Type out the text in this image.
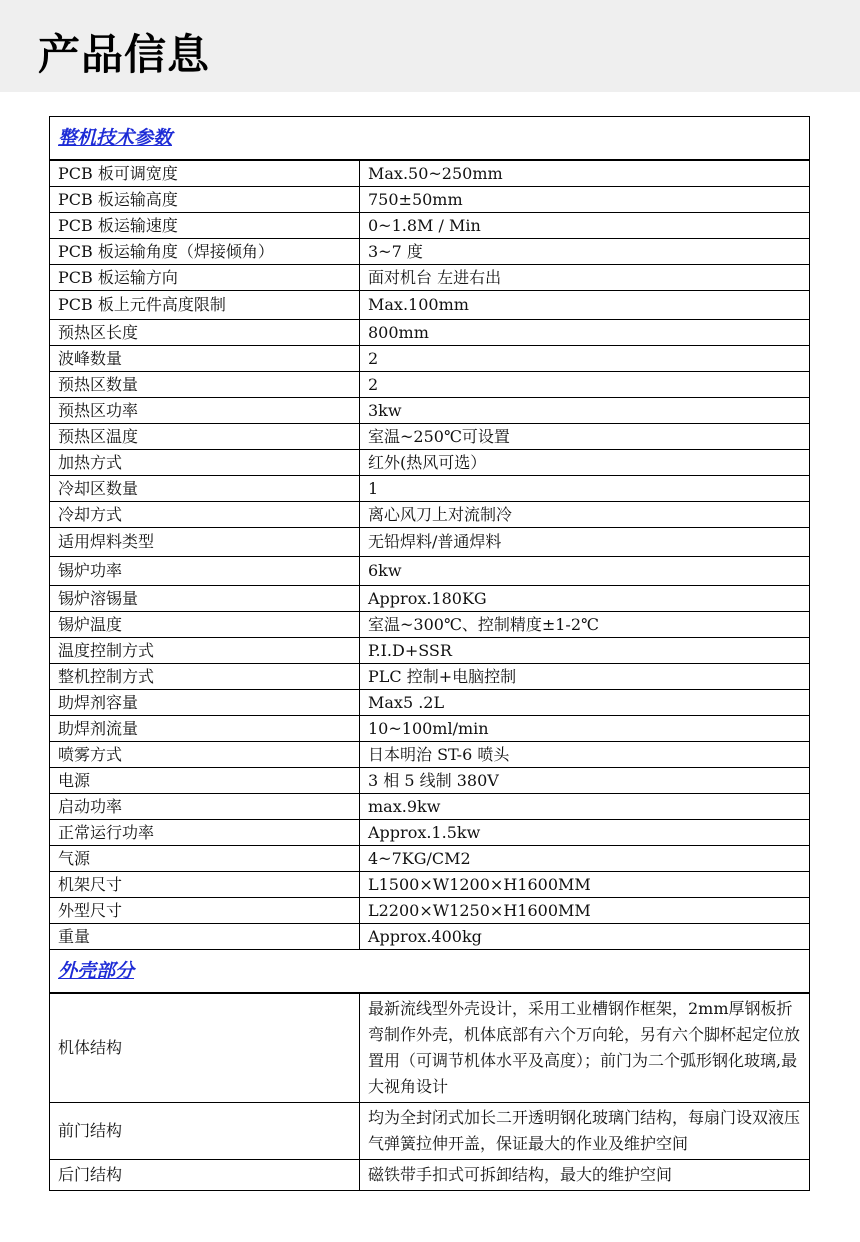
产品信息
整机技术参数	
PCB 板可调宽度	Max.50~250mm
PCB 板运输高度	750±50mm
PCB 板运输速度	0~1.8M / Min
PCB 板运输角度（焊接倾角）	3~7 度
PCB 板运输方向	面对机台 左进右出
PCB 板上元件高度限制	Max.100mm
预热区长度	800mm
波峰数量	2
预热区数量	2
预热区功率	3kw
预热区温度	室温~250℃可设置
加热方式	红外(热风可选）
冷却区数量	1
冷却方式	离心风刀上对流制冷
适用焊料类型	无铅焊料/普通焊料
锡炉功率	6kw
锡炉溶锡量	Approx.180KG
锡炉温度	室温~300℃、控制精度±1-2℃
温度控制方式	P.I.D+SSR
整机控制方式	PLC 控制+电脑控制
助焊剂容量	Max5 .2L
助焊剂流量	10~100ml/min
喷雾方式	日本明治 ST-6 喷头
电源	3 相 5 线制 380V
启动功率	max.9kw
正常运行功率	Approx.1.5kw
气源	4~7KG/CM2
机架尺寸	L1500×W1200×H1600MM
外型尺寸	L2200×W1250×H1600MM
重量	Approx.400kg
外壳部分	
机体结构	最新流线型外壳设计，采用工业槽钢作框架，2mm厚钢板折弯制作外壳，机体底部有六个万向轮，另有六个脚杯起定位放置用（可调节机体水平及高度）；前门为二个弧形钢化玻璃,最大视角设计
前门结构	均为全封闭式加长二开透明钢化玻璃门结构，每扇门设双液压气弹簧拉伸开盖，保证最大的作业及维护空间
后门结构	磁铁带手扣式可拆卸结构，最大的维护空间
